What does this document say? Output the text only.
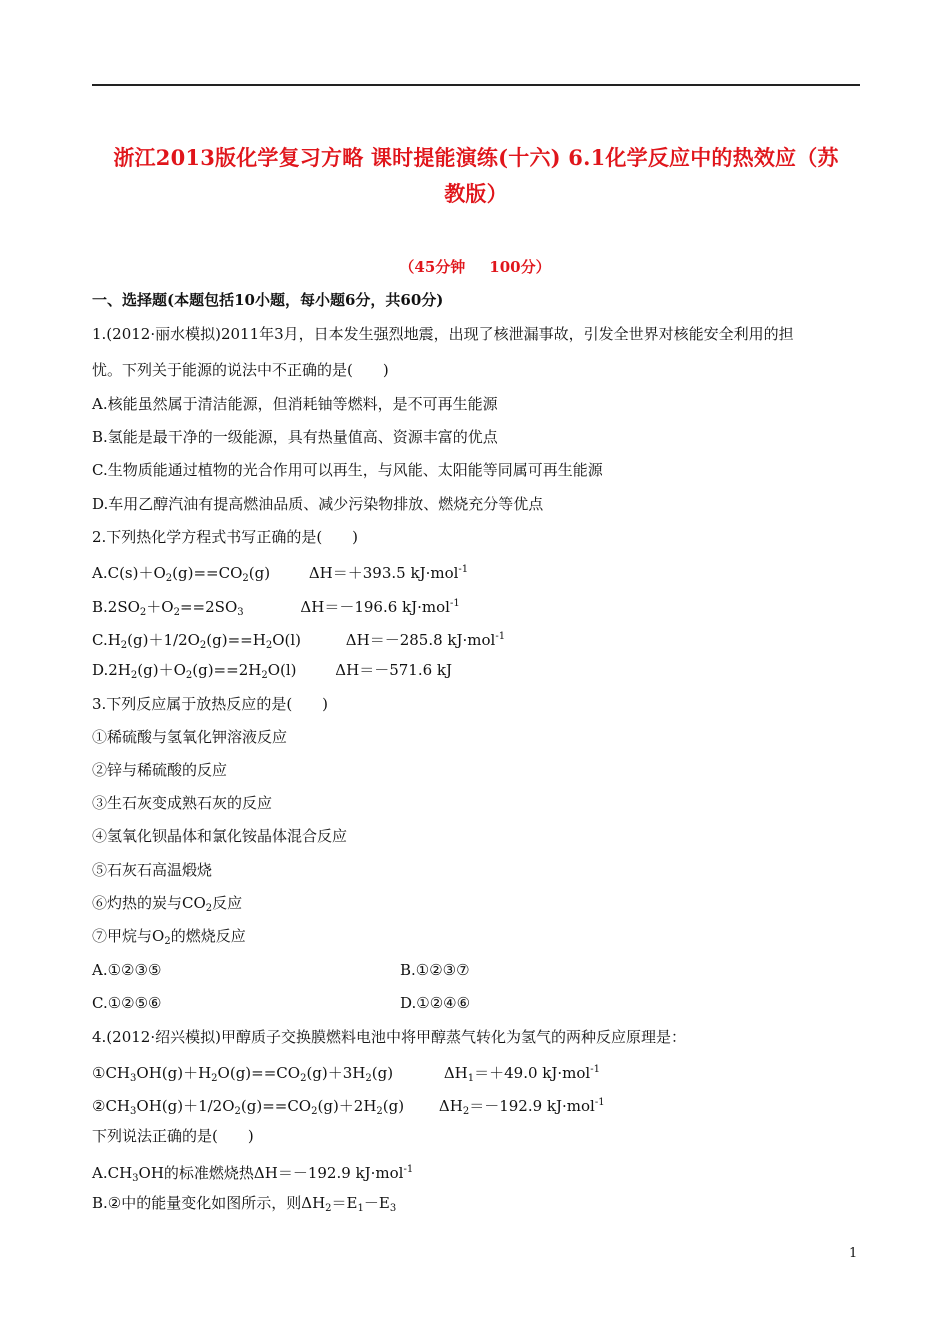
浙江2013版化学复习方略 课时提能演练(十六) 6.1化学反应中的热效应（苏
教版）
（45分钟 100分）
一、选择题(本题包括10小题，每小题6分，共60分)
1.(2012·丽水模拟)2011年3月，日本发生强烈地震，出现了核泄漏事故，引发全世界对核能安全利用的担
忧。下列关于能源的说法中不正确的是(　　)
A.核能虽然属于清洁能源，但消耗铀等燃料，是不可再生能源
B.氢能是最干净的一级能源，具有热量值高、资源丰富的优点
C.生物质能通过植物的光合作用可以再生，与风能、太阳能等同属可再生能源
D.车用乙醇汽油有提高燃油品质、减少污染物排放、燃烧充分等优点
2.下列热化学方程式书写正确的是(　　)
$A.C(s)+O_2(g)==CO_2(g)$	ΔH＝＋393.5 kJ·mol$^{-1}$
$B.2SO_2+O_2==2SO_3$	ΔH＝－196.6 kJ·mol$^{-1}$
$C.H_2(g)+1/2O_2(g)==H_2O(l)$	ΔH＝－285.8 kJ·mol$^{-1}$
$D.2H_2(g)+O_2(g)==2H_2O(l)$	ΔH＝－571.6 kJ
3.下列反应属于放热反应的是(　　)
①稀硫酸与氢氧化钾溶液反应
②锌与稀硫酸的反应
③生石灰变成熟石灰的反应
④氢氧化钡晶体和氯化铵晶体混合反应
⑤石灰石高温煅烧
⑥灼热的炭与$CO_2$反应
⑦甲烷与$O_2$的燃烧反应
A.①②③⑤	B.①②③⑦
C.①②⑤⑥	D.①②④⑥
4.(2012·绍兴模拟)甲醇质子交换膜燃料电池中将甲醇蒸气转化为氢气的两种反应原理是：
$①CH_3OH(g)+H_2O(g)==CO_2(g)+3H_2(g)$	$\Delta H_1=+49.0$ kJ·mol$^{-1}$
$②CH_3OH(g)+1/2O_2(g)==CO_2(g)+2H_2(g)$ $\Delta H_2=-192.9$ kJ·mol$^{-1}$
下列说法正确的是(　　)
$A.CH_3OH$的标准燃烧热ΔH＝－192.9 kJ·mol$^{-1}$
B.②中的能量变化如图所示，则$\Delta H_2=E_1-E_3$
1
